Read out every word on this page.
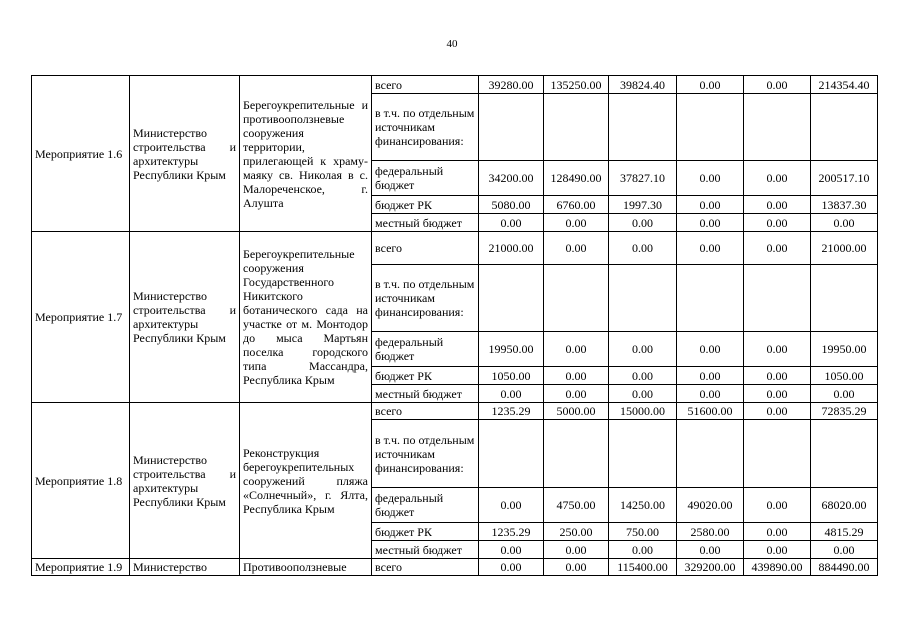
40
Мероприятие 1.6	Министерство строительства и архитектуры Республики Крым	Берегоукрепительные и противооползневые сооружения территории, прилегающей к храму-маяку св. Николая в с. Малореченское, г. Алушта	всего	39280.00	135250.00	39824.40	0.00	0.00	214354.40
			в т.ч. по отдельным источникам финансирования:						
			федеральный бюджет	34200.00	128490.00	37827.10	0.00	0.00	200517.10
			бюджет РК	5080.00	6760.00	1997.30	0.00	0.00	13837.30
			местный бюджет	0.00	0.00	0.00	0.00	0.00	0.00
Мероприятие 1.7	Министерство строительства и архитектуры Республики Крым	Берегоукрепительные сооружения Государственного Никитского ботанического сада на участке от м. Монтодор до мыса Мартьян поселка городского типа Массандра, Республика Крым	всего	21000.00	0.00	0.00	0.00	0.00	21000.00
			в т.ч. по отдельным источникам финансирования:						
			федеральный бюджет	19950.00	0.00	0.00	0.00	0.00	19950.00
			бюджет РК	1050.00	0.00	0.00	0.00	0.00	1050.00
			местный бюджет	0.00	0.00	0.00	0.00	0.00	0.00
Мероприятие 1.8	Министерство строительства и архитектуры Республики Крым	Реконструкция берегоукрепительных сооружений пляжа «Солнечный», г. Ялта, Республика Крым	всего	1235.29	5000.00	15000.00	51600.00	0.00	72835.29
			в т.ч. по отдельным источникам финансирования:						
			федеральный бюджет	0.00	4750.00	14250.00	49020.00	0.00	68020.00
			бюджет РК	1235.29	250.00	750.00	2580.00	0.00	4815.29
			местный бюджет	0.00	0.00	0.00	0.00	0.00	0.00
Мероприятие 1.9	Министерство	Противооползневые	всего	0.00	0.00	115400.00	329200.00	439890.00	884490.00
